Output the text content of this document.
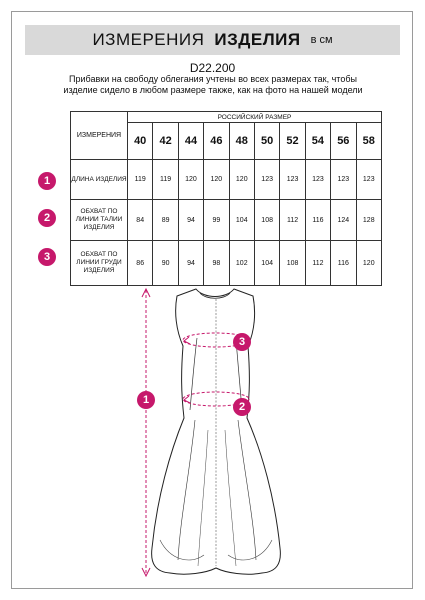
ИЗМЕРЕНИЯ ИЗДЕЛИЯ в см
D22.200
Прибавки на свободу облегания учтены во всех размерах так, чтобы изделие сидело в любом размере также, как на фото на нашей модели
ИЗМЕРЕНИЯ	РОССИЙСКИЙ РАЗМЕР									
	40	42	44	46	48	50	52	54	56	58
ДЛИНА ИЗДЕЛИЯ	119	119	120	120	120	123	123	123	123	123
ОБХВАТ ПО ЛИНИИ ТАЛИИ ИЗДЕЛИЯ	84	89	94	99	104	108	112	116	124	128
ОБХВАТ ПО ЛИНИИ ГРУДИ ИЗДЕЛИЯ	86	90	94	98	102	104	108	112	116	120
1
2
3
1
2
3
